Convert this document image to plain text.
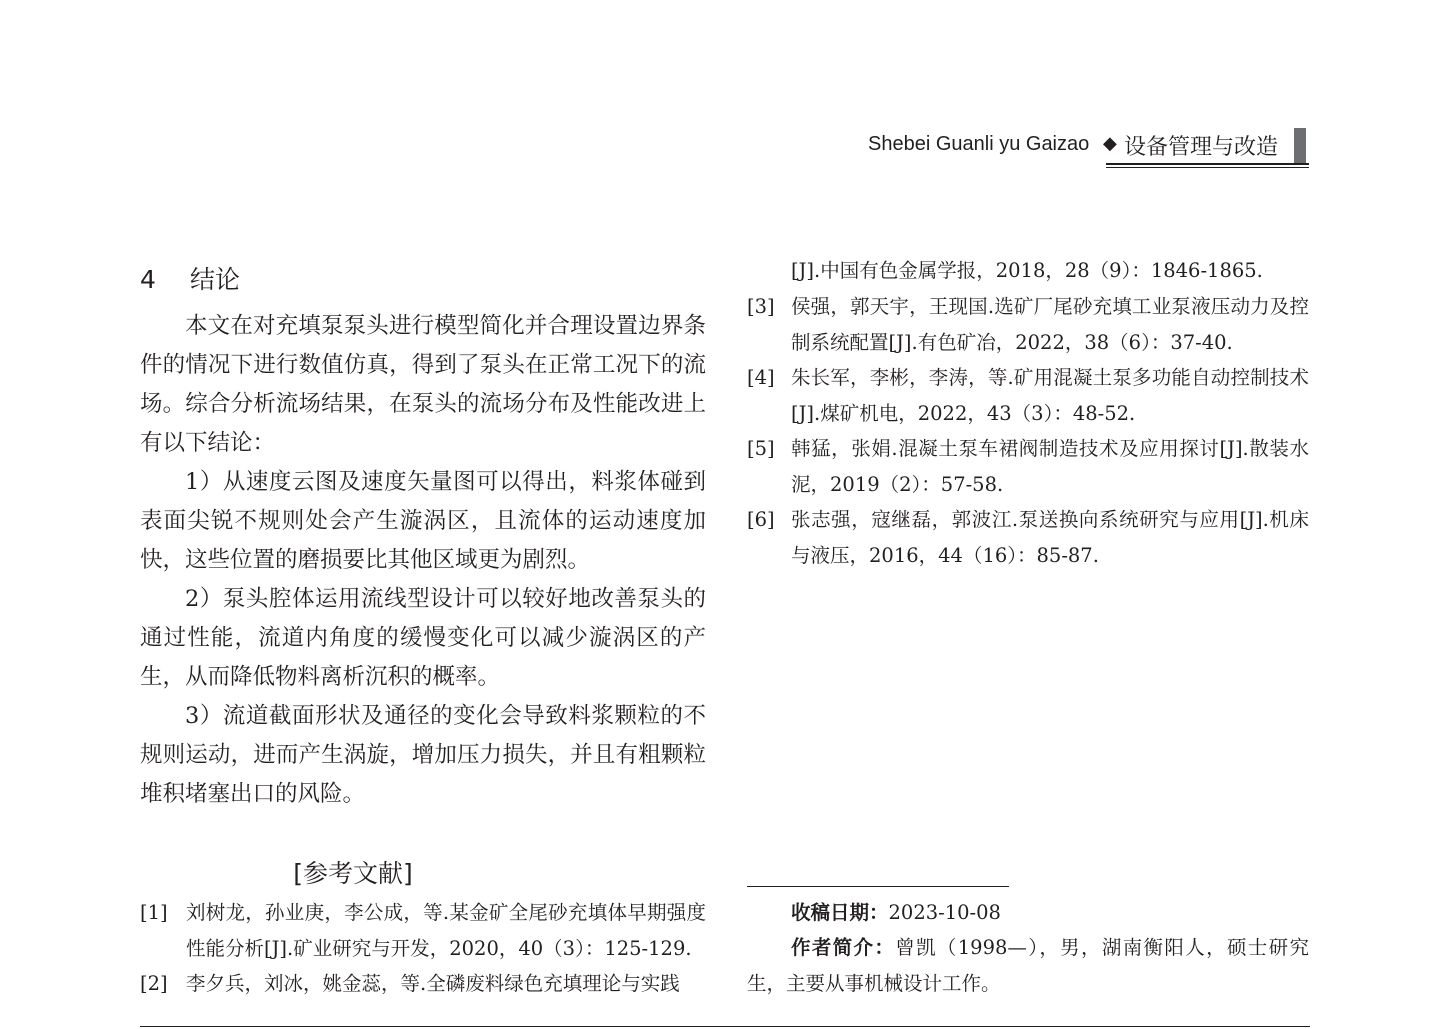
Shebei Guanli yu Gaizao ◆ 设备管理与改造
4 结论

本文在对充填泵泵头进行模型简化并合理设置边界条件的情况下进行数值仿真，得到了泵头在正常工况下的流场。综合分析流场结果，在泵头的流场分布及性能改进上有以下结论：

1）从速度云图及速度矢量图可以得出，料浆体碰到表面尖锐不规则处会产生漩涡区，且流体的运动速度加快，这些位置的磨损要比其他区域更为剧烈。

2）泵头腔体运用流线型设计可以较好地改善泵头的通过性能，流道内角度的缓慢变化可以减少漩涡区的产生，从而降低物料离析沉积的概率。

3）流道截面形状及通径的变化会导致料浆颗粒的不规则运动，进而产生涡旋，增加压力损失，并且有粗颗粒堆积堵塞出口的风险。

[参考文献]
[1] 刘树龙，孙业庚，李公成，等.某金矿全尾砂充填体早期强度性能分析[J].矿业研究与开发，2020，40（3）：125-129.
[2] 李夕兵，刘冰，姚金蕊，等.全磷废料绿色充填理论与实践
[J].中国有色金属学报，2018，28（9）：1846-1865.
[3] 侯强，郭天宇，王现国.选矿厂尾砂充填工业泵液压动力及控制系统配置[J].有色矿冶，2022，38（6）：37-40.
[4] 朱长军，李彬，李涛，等.矿用混凝土泵多功能自动控制技术[J].煤矿机电，2022，43（3）：48-52.
[5] 韩猛，张娟.混凝土泵车裙阀制造技术及应用探讨[J].散装水泥，2019（2）：57-58.
[6] 张志强，寇继磊，郭波江.泵送换向系统研究与应用[J].机床与液压，2016，44（16）：85-87.
收稿日期：2023-10-08
作者简介：曾凯（1998—），男，湖南衡阳人，硕士研究生，主要从事机械设计工作。
